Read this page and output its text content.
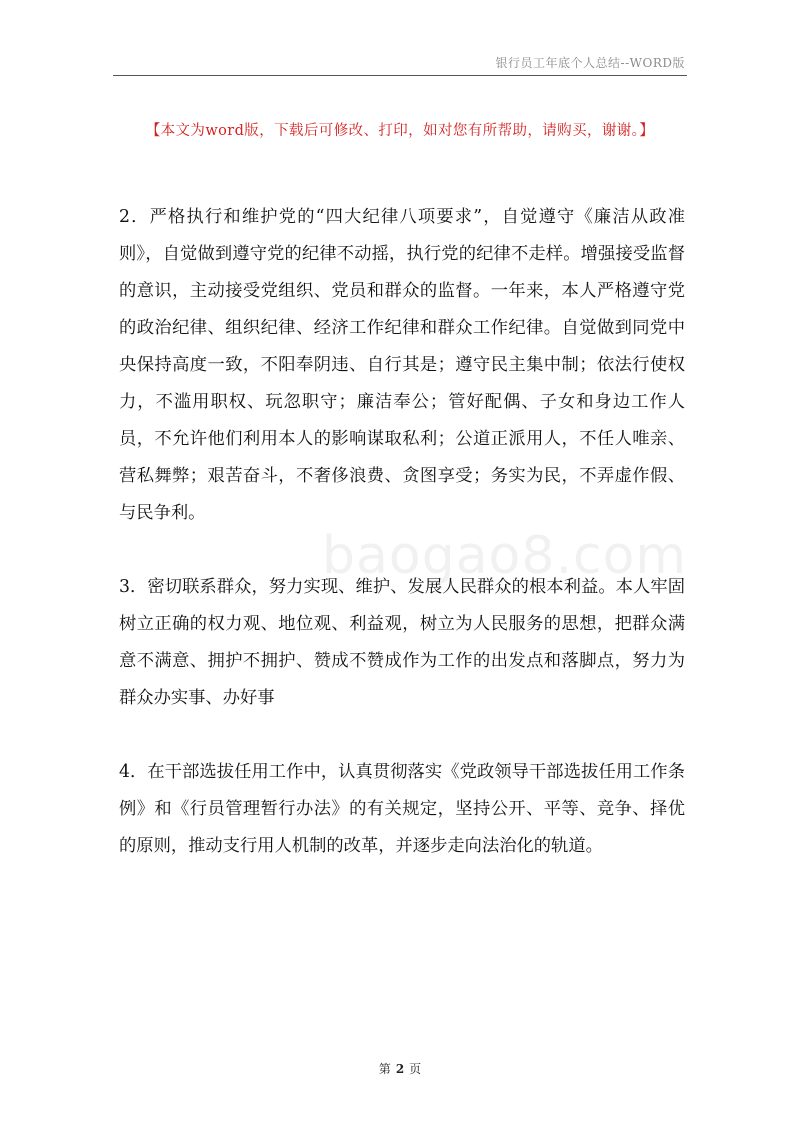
银行员工年底个人总结--WORD版
【本文为word版，下载后可修改、打印，如对您有所帮助，请购买，谢谢。】
baogao8.com

2．严格执行和维护党的“四大纪律八项要求”，自觉遵守《廉洁从政准则》，自觉做到遵守党的纪律不动摇，执行党的纪律不走样。增强接受监督的意识，主动接受党组织、党员和群众的监督。一年来，本人严格遵守党的政治纪律、组织纪律、经济工作纪律和群众工作纪律。自觉做到同党中央保持高度一致，不阳奉阴违、自行其是；遵守民主集中制；依法行使权力，不滥用职权、玩忽职守；廉洁奉公；管好配偶、子女和身边工作人员，不允许他们利用本人的影响谋取私利；公道正派用人，不任人唯亲、营私舞弊；艰苦奋斗，不奢侈浪费、贪图享受；务实为民，不弄虚作假、与民争利。

3．密切联系群众，努力实现、维护、发展人民群众的根本利益。本人牢固树立正确的权力观、地位观、利益观，树立为人民服务的思想，把群众满意不满意、拥护不拥护、赞成不赞成作为工作的出发点和落脚点，努力为群众办实事、办好事

4．在干部选拔任用工作中，认真贯彻落实《党政领导干部选拔任用工作条例》和《行员管理暂行办法》的有关规定，坚持公开、平等、竞争、择优的原则，推动支行用人机制的改革，并逐步走向法治化的轨道。

第 2 页
